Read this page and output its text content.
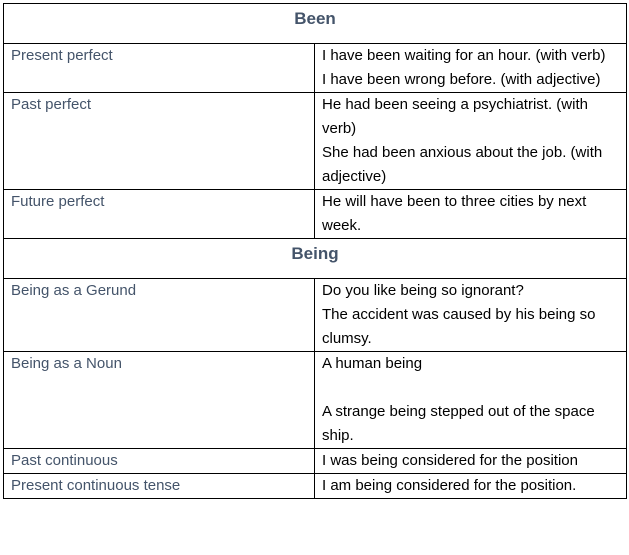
Been	
Present perfect	I have been waiting for an hour. (with verb)
I have been wrong before. (with adjective)

Past perfect	He had been seeing a psychiatrist. (with verb)
She had been anxious about the job. (with adjective)

Future perfect	He will have been to three cities by next week.

Being	
Being as a Gerund	Do you like being so ignorant?
The accident was caused by his being so clumsy.

Being as a Noun	A human being
A strange being stepped out of the space ship.

Past continuous	I was being considered for the position

Present continuous tense	I am being considered for the position.
